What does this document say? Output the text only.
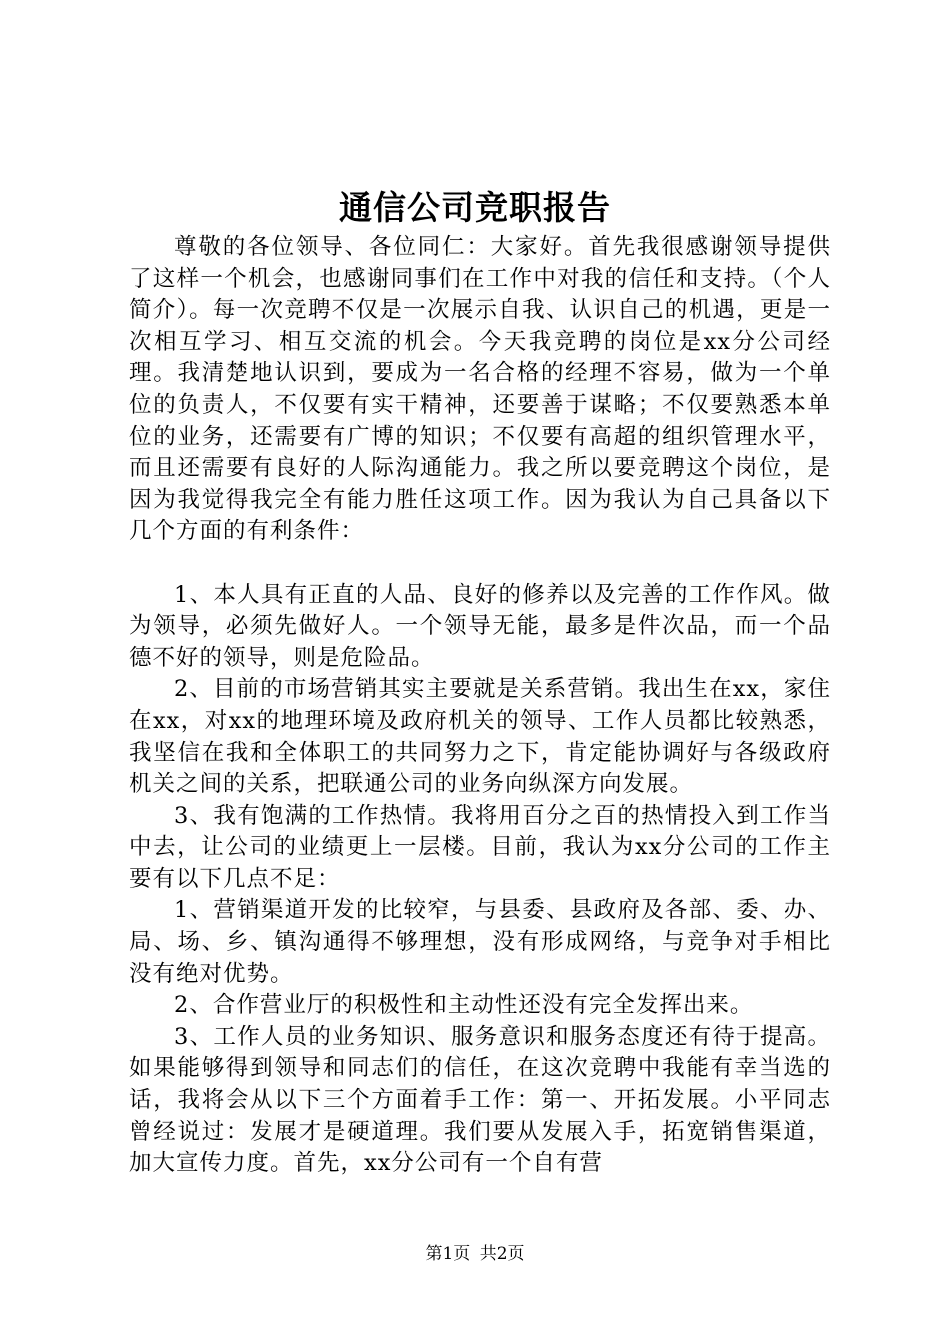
通信公司竞职报告

尊敬的各位领导、各位同仁：大家好。首先我很感谢领导提供了这样一个机会，也感谢同事们在工作中对我的信任和支持。（个人简介）。每一次竞聘不仅是一次展示自我、认识自己的机遇，更是一次相互学习、相互交流的机会。今天我竞聘的岗位是xx分公司经理。我清楚地认识到，要成为一名合格的经理不容易，做为一个单位的负责人，不仅要有实干精神，还要善于谋略；不仅要熟悉本单位的业务，还需要有广博的知识；不仅要有高超的组织管理水平，而且还需要有良好的人际沟通能力。我之所以要竞聘这个岗位，是因为我觉得我完全有能力胜任这项工作。因为我认为自己具备以下几个方面的有利条件：

1、本人具有正直的人品、良好的修养以及完善的工作作风。做为领导，必须先做好人。一个领导无能，最多是件次品，而一个品德不好的领导，则是危险品。

2、目前的市场营销其实主要就是关系营销。我出生在xx，家住在xx，对xx的地理环境及政府机关的领导、工作人员都比较熟悉，我坚信在我和全体职工的共同努力之下，肯定能协调好与各级政府机关之间的关系，把联通公司的业务向纵深方向发展。

3、我有饱满的工作热情。我将用百分之百的热情投入到工作当中去，让公司的业绩更上一层楼。目前，我认为xx分公司的工作主要有以下几点不足：

1、营销渠道开发的比较窄，与县委、县政府及各部、委、办、局、场、乡、镇沟通得不够理想，没有形成网络，与竞争对手相比没有绝对优势。

2、合作营业厅的积极性和主动性还没有完全发挥出来。

3、工作人员的业务知识、服务意识和服务态度还有待于提高。如果能够得到领导和同志们的信任，在这次竞聘中我能有幸当选的话，我将会从以下三个方面着手工作：第一、开拓发展。小平同志曾经说过：发展才是硬道理。我们要从发展入手，拓宽销售渠道，加大宣传力度。首先，xx分公司有一个自有营

第1页 共2页
